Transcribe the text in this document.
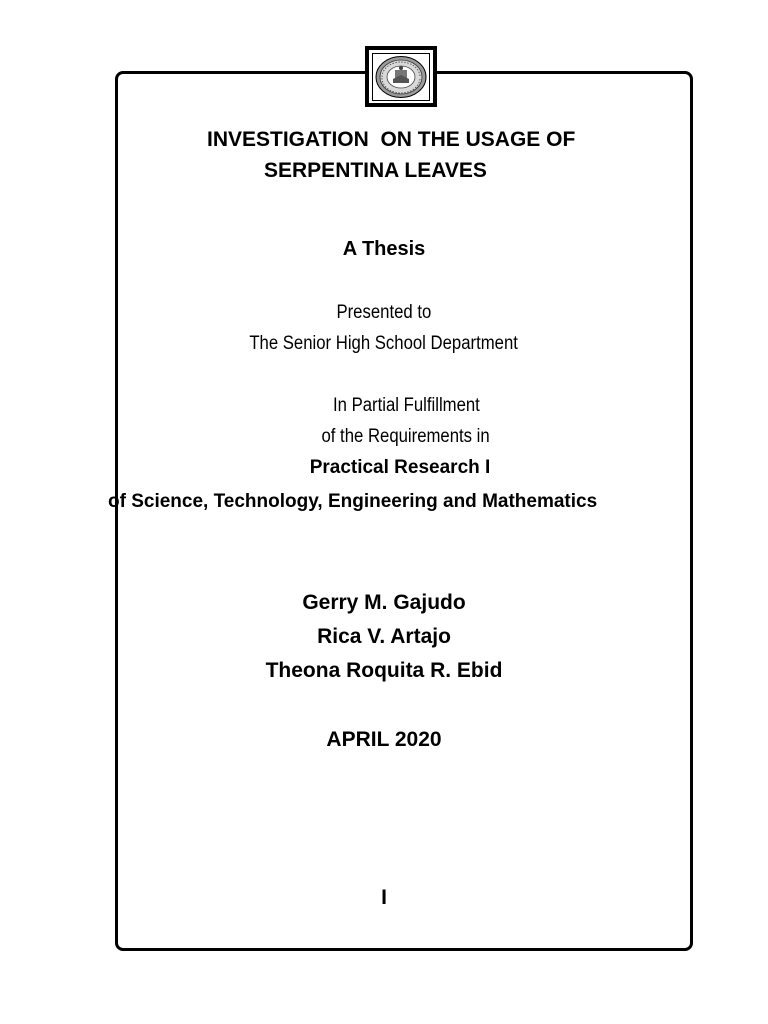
INVESTIGATION  ON THE USAGE OF
SERPENTINA LEAVES
A Thesis
Presented to
The Senior High School Department
In Partial Fulfillment
of the Requirements in
Practical Research I
of Science, Technology, Engineering and Mathematics
Gerry M. Gajudo
Rica V. Artajo
Theona Roquita R. Ebid
APRIL 2020
I
